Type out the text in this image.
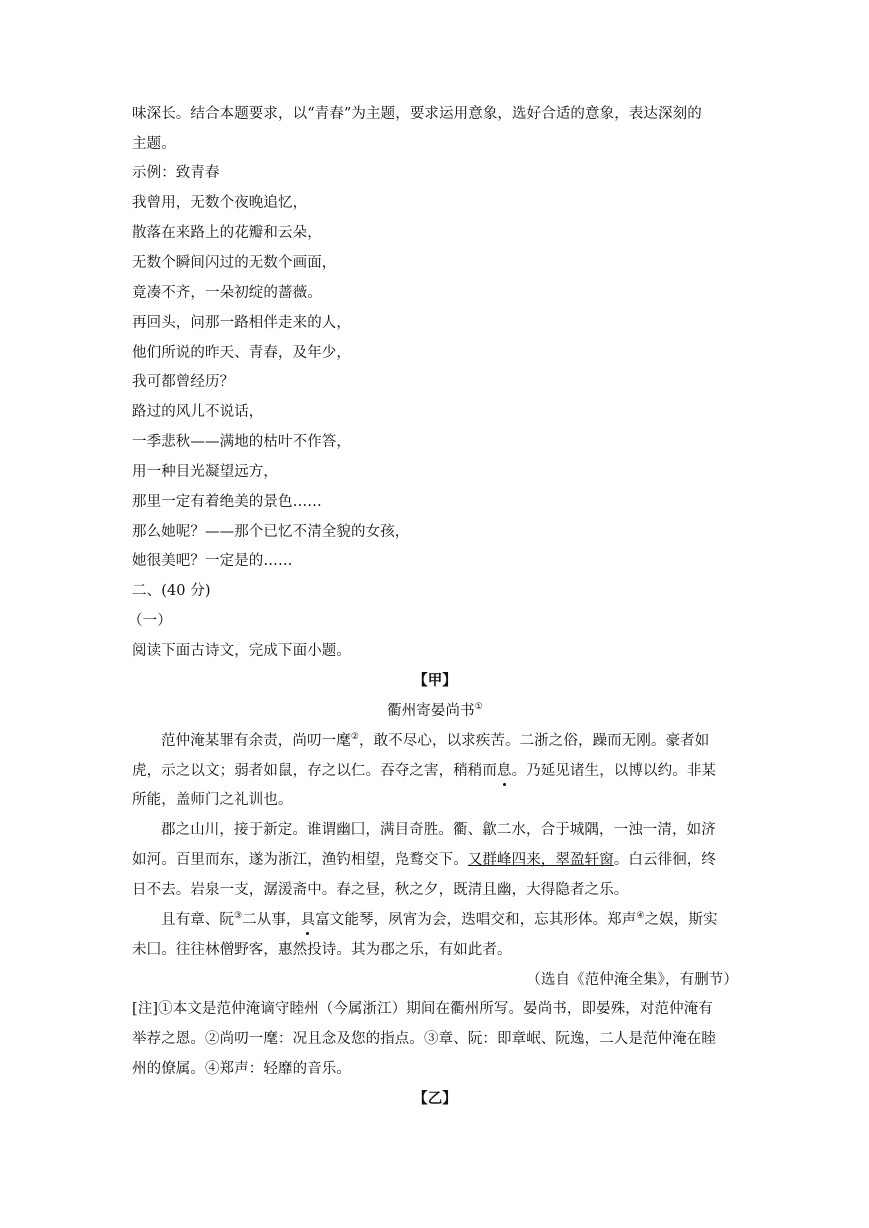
味深长。结合本题要求，以“青春”为主题，要求运用意象，选好合适的意象，表达深刻的
主题。
示例：致青春
我曾用，无数个夜晚追忆，
散落在来路上的花瓣和云朵，
无数个瞬间闪过的无数个画面，
竟凑不齐，一朵初绽的蔷薇。
再回头，问那一路相伴走来的人，
他们所说的昨天、青春，及年少，
我可都曾经历？
路过的风儿不说话，
一季悲秋——满地的枯叶不作答，
用一种目光凝望远方，
那里一定有着绝美的景色……
那么她呢？——那个已忆不清全貌的女孩，
她很美吧？一定是的……
二、(40 分)
（一）
阅读下面古诗文，完成下面小题。
【甲】
衢州寄晏尚书①
范仲淹某罪有余责，尚叨一麾②，敢不尽心，以求疾苦。二浙之俗，躁而无刚。豪者如
虎，示之以文；弱者如鼠，存之以仁。吞夺之害，稍稍而息。乃延见诸生，以博以约。非某
所能，盖师门之礼训也。
郡之山川，接于新定。谁谓幽囗，满目奇胜。衢、歙二水，合于城隅，一浊一清，如济
如河。百里而东，遂为浙江，渔钓相望，凫鹜交下。又群峰四来，翠盈轩窗。白云徘徊，终
日不去。岩泉一支，潺湲斋中。春之昼，秋之夕，既清且幽，大得隐者之乐。
且有章、阮③二从事，具富文能琴，夙宵为会，迭唱交和，忘其形体。郑声④之娱，斯实
未囗。往往林僧野客，惠然投诗。其为郡之乐，有如此者。
（选自《范仲淹全集》，有删节）
[注]①本文是范仲淹谪守睦州（今属浙江）期间在衢州所写。晏尚书，即晏殊，对范仲淹有
举荐之恩。②尚叨一麾：况且念及您的指点。③章、阮：即章岷、阮逸，二人是范仲淹在睦
州的僚属。④郑声：轻靡的音乐。
【乙】
